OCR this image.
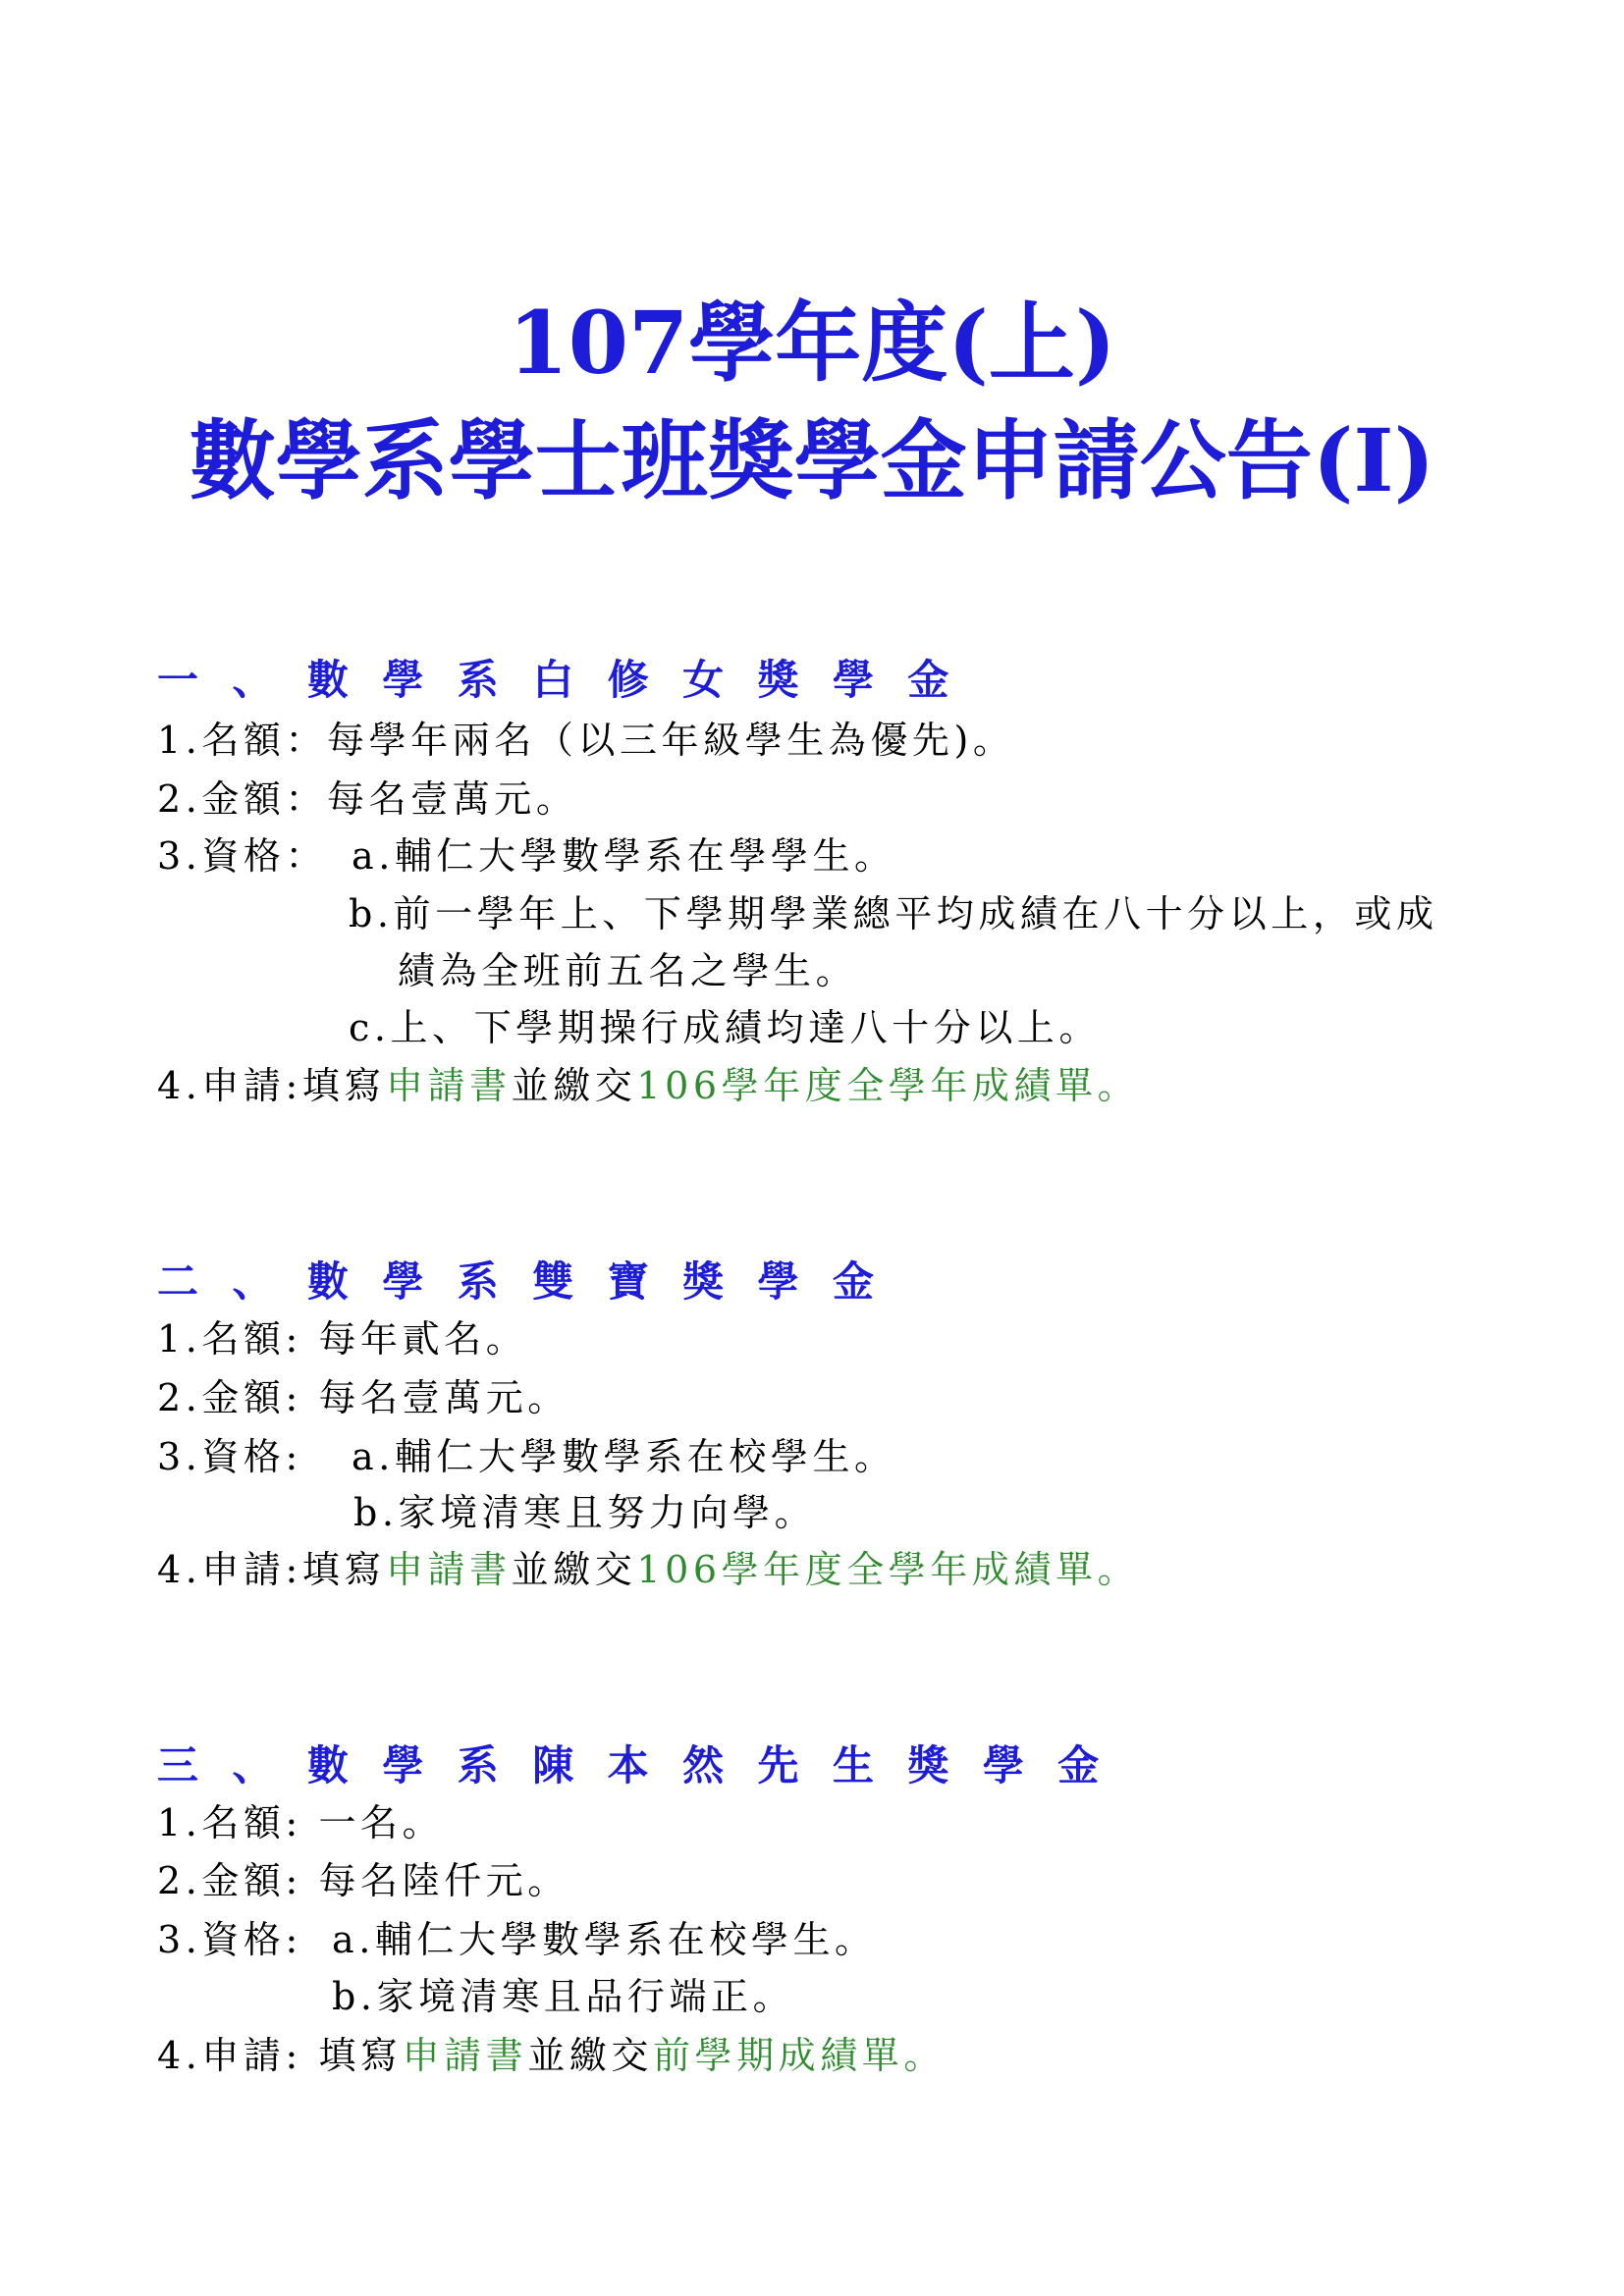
107學年度(上)
數學系學士班獎學金申請公告(I)
一、數學系白修女獎學金
1.名額：每學年兩名（以三年級學生為優先)。
2.金額：每名壹萬元。
3.資格： a.輔仁大學數學系在學學生。
b.前一學年上、下學期學業總平均成績在八十分以上，或成
績為全班前五名之學生。
c.上、下學期操行成績均達八十分以上。
4.申請:填寫申請書並繳交106學年度全學年成績單。
二、數學系雙寶獎學金
1.名額: 每年貳名。
2.金額: 每名壹萬元。
3.資格: a.輔仁大學數學系在校學生。
b.家境清寒且努力向學。
4.申請:填寫申請書並繳交106學年度全學年成績單。
三、數學系陳本然先生獎學金
1.名額: 一名。
2.金額: 每名陸仟元。
3.資格: a.輔仁大學數學系在校學生。
b.家境清寒且品行端正。
4.申請: 填寫申請書並繳交前學期成績單。
